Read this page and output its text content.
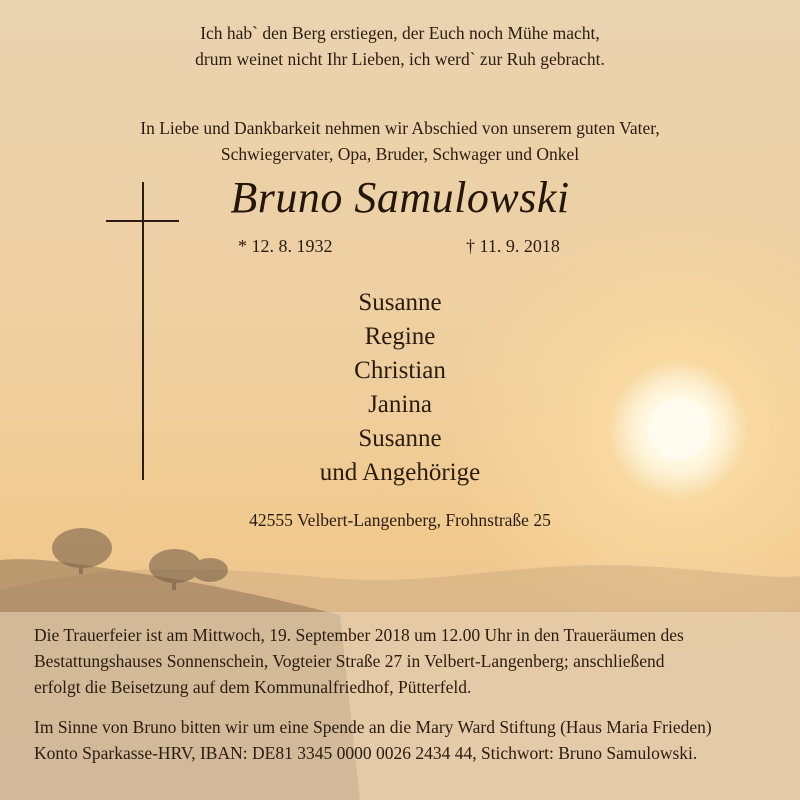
Ich hab` den Berg erstiegen, der Euch noch Mühe macht,
drum weinet nicht Ihr Lieben, ich werd` zur Ruh gebracht.
In Liebe und Dankbarkeit nehmen wir Abschied von unserem guten Vater,
Schwiegervater, Opa, Bruder, Schwager und Onkel
Bruno Samulowski
* 12. 8. 1932	† 11. 9. 2018
Susanne
Regine
Christian
Janina
Susanne
und Angehörige
42555 Velbert-Langenberg, Frohnstraße 25
Die Trauerfeier ist am Mittwoch, 19. September 2018 um 12.00 Uhr in den Traueräumen des
Bestattungshauses Sonnenschein, Vogteier Straße 27 in Velbert-Langenberg; anschließend
erfolgt die Beisetzung auf dem Kommunalfriedhof, Pütterfeld.
Im Sinne von Bruno bitten wir um eine Spende an die Mary Ward Stiftung (Haus Maria Frieden)
Konto Sparkasse-HRV, IBAN: DE81 3345 0000 0026 2434 44, Stichwort: Bruno Samulowski.
